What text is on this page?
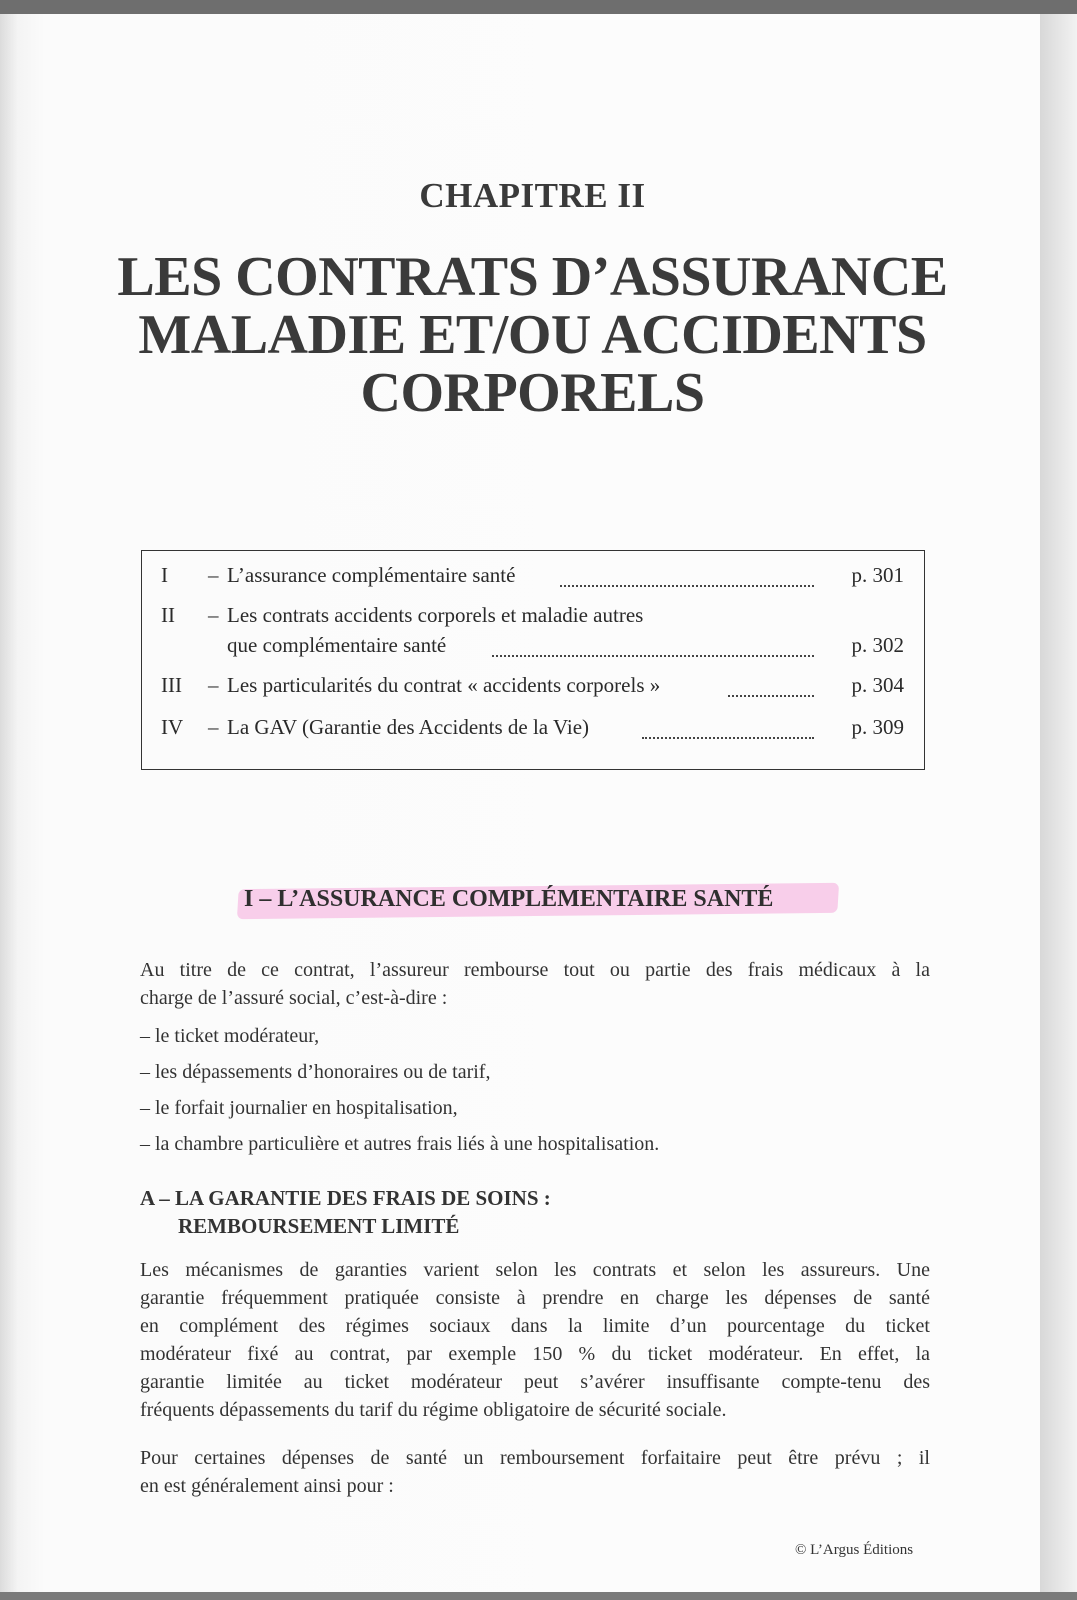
CHAPITRE II
LES CONTRATS D’ASSURANCE
MALADIE ET/OU ACCIDENTS
CORPORELS
I – L’assurance complémentaire santé	p. 301
II – Les contrats accidents corporels et maladie autres
que complémentaire santé	p. 302
III – Les particularités du contrat « accidents corporels »	p. 304
IV – La GAV (Garantie des Accidents de la Vie)	p. 309
I – L’ASSURANCE COMPLÉMENTAIRE SANTÉ
Au titre de ce contrat, l’assureur rembourse tout ou partie des frais médicaux à la
charge de l’assuré social, c’est-à-dire :
– le ticket modérateur,
– les dépassements d’honoraires ou de tarif,
– le forfait journalier en hospitalisation,
– la chambre particulière et autres frais liés à une hospitalisation.
A – LA GARANTIE DES FRAIS DE SOINS :
REMBOURSEMENT LIMITÉ
Les mécanismes de garanties varient selon les contrats et selon les assureurs. Une
garantie fréquemment pratiquée consiste à prendre en charge les dépenses de santé
en complément des régimes sociaux dans la limite d’un pourcentage du ticket
modérateur fixé au contrat, par exemple 150 % du ticket modérateur. En effet, la
garantie limitée au ticket modérateur peut s’avérer insuffisante compte-tenu des
fréquents dépassements du tarif du régime obligatoire de sécurité sociale.
Pour certaines dépenses de santé un remboursement forfaitaire peut être prévu ; il
en est généralement ainsi pour :
© L’Argus Éditions
